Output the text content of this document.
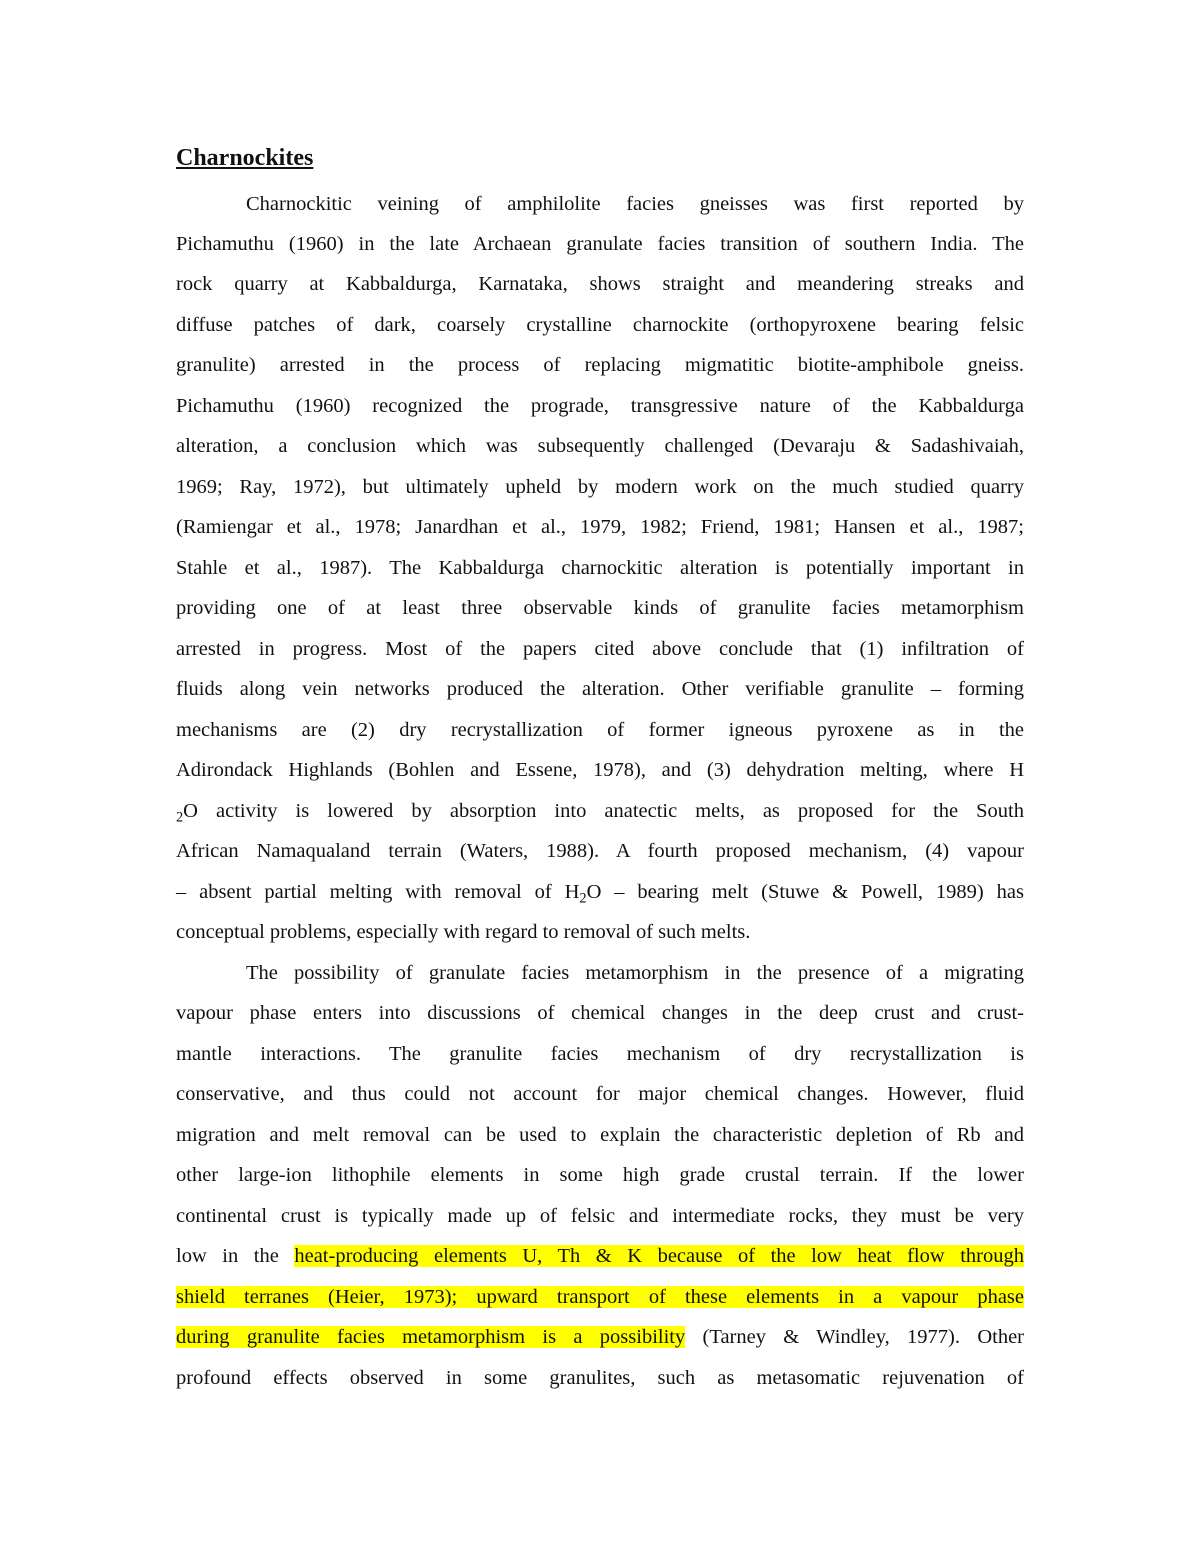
Charnockites

Charnockitic veining of amphilolite facies gneisses was first reported by

Pichamuthu (1960) in the late Archaean granulate facies transition of southern India. The

rock quarry at Kabbaldurga, Karnataka, shows straight and meandering streaks and

diffuse patches of dark, coarsely crystalline charnockite (orthopyroxene bearing felsic

granulite) arrested in the process of replacing migmatitic biotite-amphibole gneiss.

Pichamuthu (1960) recognized the prograde, transgressive nature of the Kabbaldurga

alteration, a conclusion which was subsequently challenged (Devaraju & Sadashivaiah,

1969; Ray, 1972), but ultimately upheld by modern work on the much studied quarry

(Ramiengar et al., 1978; Janardhan et al., 1979, 1982; Friend, 1981; Hansen et al., 1987;

Stahle et al., 1987). The Kabbaldurga charnockitic alteration is potentially important in

providing one of at least three observable kinds of granulite facies metamorphism

arrested in progress. Most of the papers cited above conclude that (1) infiltration of

fluids along vein networks produced the alteration. Other verifiable granulite – forming

mechanisms are (2) dry recrystallization of former igneous pyroxene as in the

Adirondack Highlands (Bohlen and Essene, 1978), and (3) dehydration melting, where H

$_2$O activity is lowered by absorption into anatectic melts, as proposed for the South

African Namaqualand terrain (Waters, 1988). A fourth proposed mechanism, (4) vapour

– absent partial melting with removal of $H_2O$ – bearing melt (Stuwe & Powell, 1989) has

conceptual problems, especially with regard to removal of such melts.

The possibility of granulate facies metamorphism in the presence of a migrating

vapour phase enters into discussions of chemical changes in the deep crust and crust-

mantle interactions. The granulite facies mechanism of dry recrystallization is

conservative, and thus could not account for major chemical changes. However, fluid

migration and melt removal can be used to explain the characteristic depletion of Rb and

other large-ion lithophile elements in some high grade crustal terrain. If the lower

continental crust is typically made up of felsic and intermediate rocks, they must be very

low in the heat-producing elements U, Th & K because of the low heat flow through

shield terranes (Heier, 1973); upward transport of these elements in a vapour phase

during granulite facies metamorphism is a possibility (Tarney & Windley, 1977). Other

profound effects observed in some granulites, such as metasomatic rejuvenation of
